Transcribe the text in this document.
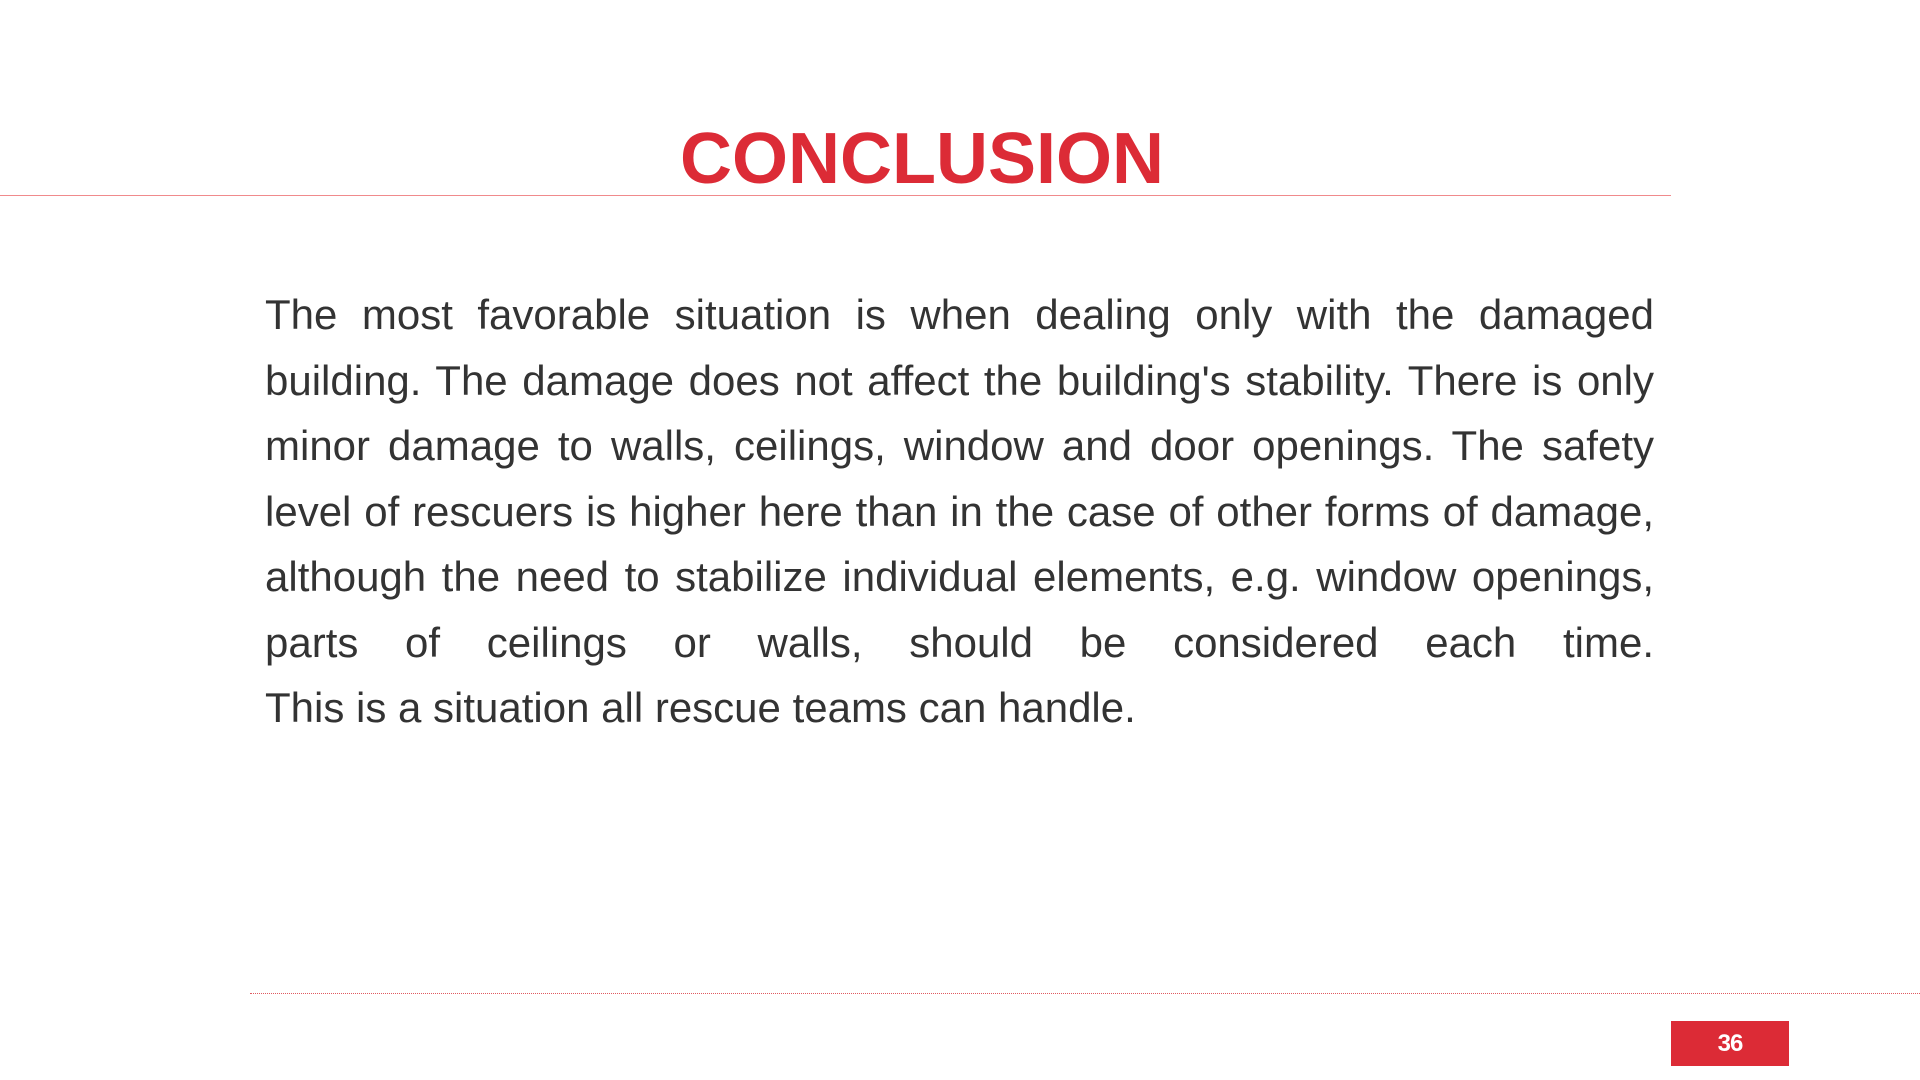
CONCLUSION

The most favorable situation is when dealing only with the damaged
building. The damage does not affect the building's stability. There is only
minor damage to walls, ceilings, window and door openings. The safety
level of rescuers is higher here than in the case of other forms of damage,
although the need to stabilize individual elements, e.g. window openings,
parts of ceilings or walls, should be considered each time.
This is a situation all rescue teams can handle.

36
